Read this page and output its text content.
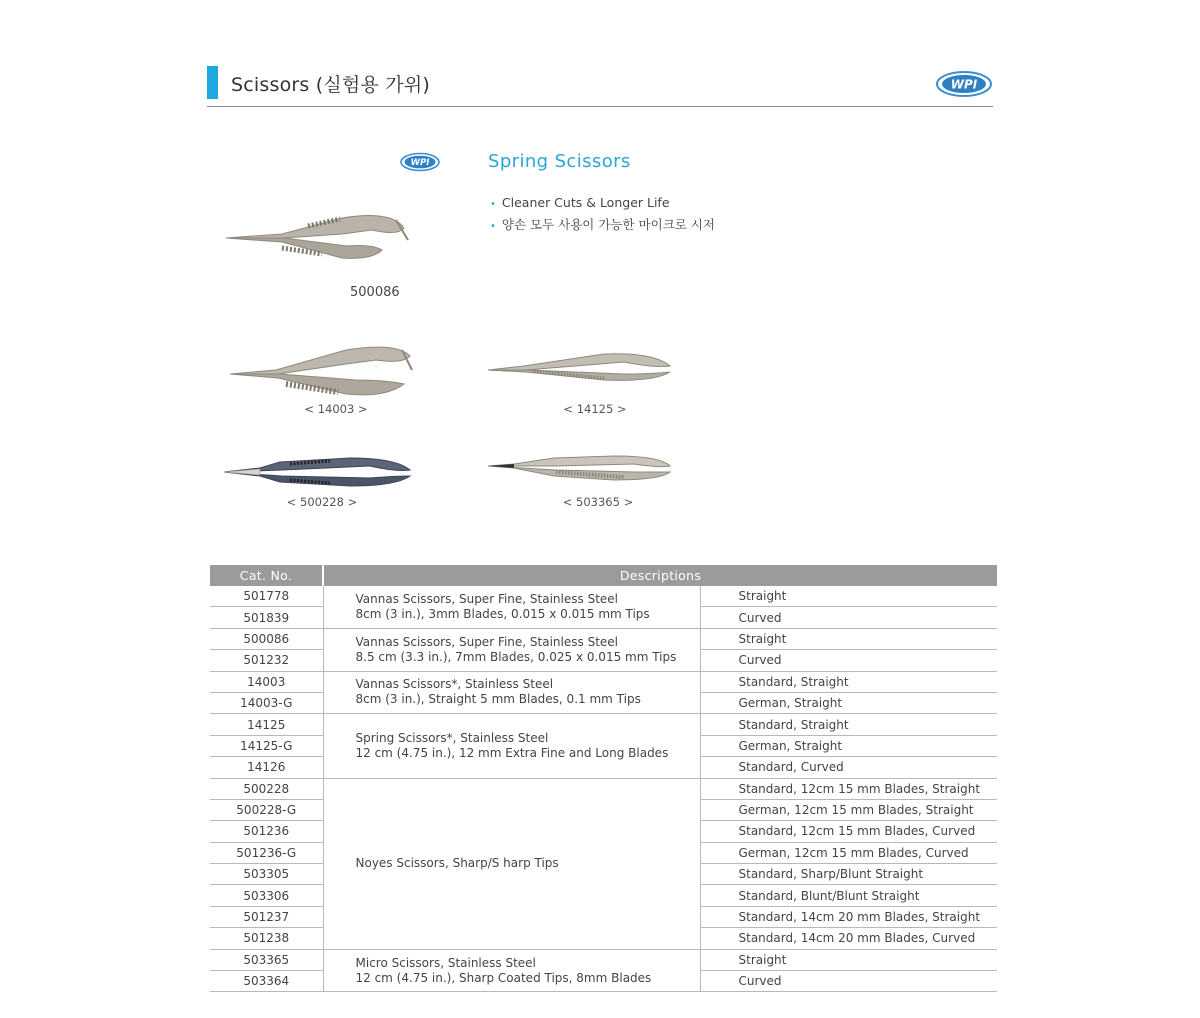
Scissors (실험용 가위)	WPI
WPI	Spring Scissors
• Cleaner Cuts & Longer Life
• 양손 모두 사용이 가능한 마이크로 시저
500086
< 14003 >	< 14125 >
< 500228 >	< 503365 >
Cat. No.	Descriptions	
501778	Vannas Scissors, Super Fine, Stainless Steel
8cm (3 in.), 3mm Blades, 0.015 x 0.015 mm Tips	Straight
501839		Curved
500086	Vannas Scissors, Super Fine, Stainless Steel
8.5 cm (3.3 in.), 7mm Blades, 0.025 x 0.015 mm Tips	Straight
501232		Curved
14003	Vannas Scissors*, Stainless Steel
8cm (3 in.), Straight 5 mm Blades, 0.1 mm Tips	Standard, Straight
14003-G		German, Straight
14125	Spring Scissors*, Stainless Steel
12 cm (4.75 in.), 12 mm Extra Fine and Long Blades	Standard, Straight
14125-G		German, Straight
14126		Standard, Curved
500228	Noyes Scissors, Sharp/S harp Tips	Standard, 12cm 15 mm Blades, Straight
500228-G		German, 12cm 15 mm Blades, Straight
501236		Standard, 12cm 15 mm Blades, Curved
501236-G		German, 12cm 15 mm Blades, Curved
503305		Standard, Sharp/Blunt Straight
503306		Standard, Blunt/Blunt Straight
501237		Standard, 14cm 20 mm Blades, Straight
501238		Standard, 14cm 20 mm Blades, Curved
503365	Micro Scissors, Stainless Steel
12 cm (4.75 in.), Sharp Coated Tips, 8mm Blades	Straight
503364		Curved
